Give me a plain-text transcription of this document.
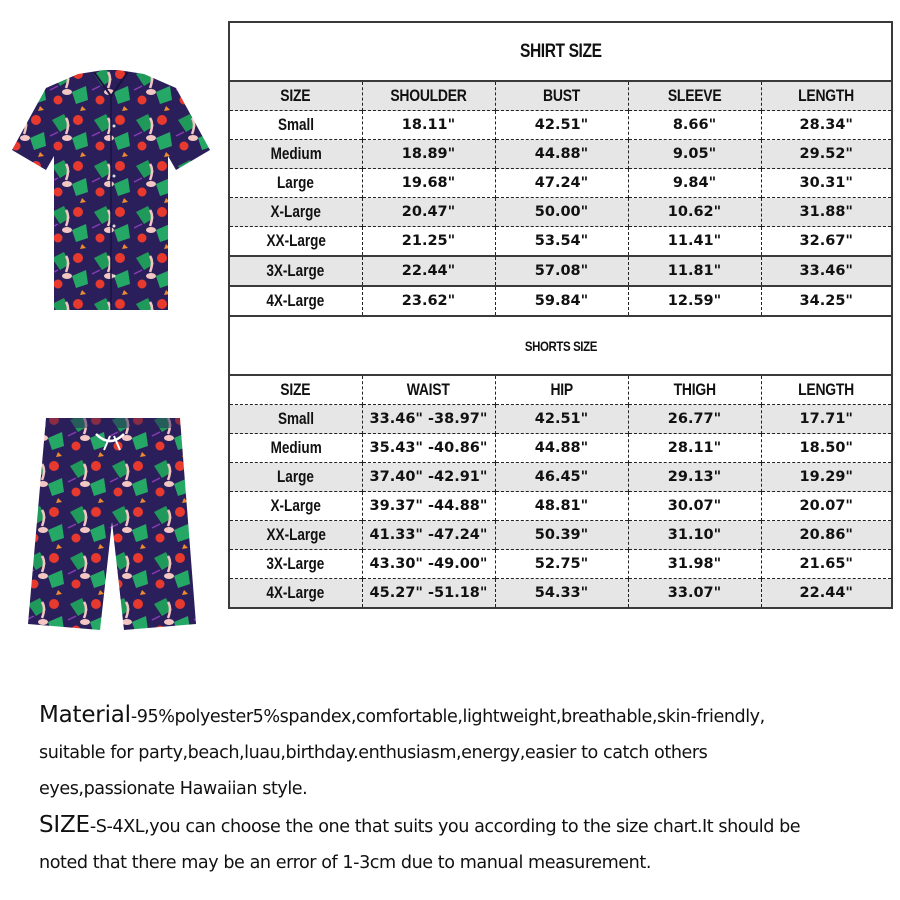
SHIRT SIZE				
SIZE	SHOULDER	BUST	SLEEVE	LENGTH
Small	18.11"	42.51"	8.66"	28.34"
Medium	18.89"	44.88"	9.05"	29.52"
Large	19.68"	47.24"	9.84"	30.31"
X-Large	20.47"	50.00"	10.62"	31.88"
XX-Large	21.25"	53.54"	11.41"	32.67"
3X-Large	22.44"	57.08"	11.81"	33.46"
4X-Large	23.62"	59.84"	12.59"	34.25"
SHORTS SIZE				
SIZE	WAIST	HIP	THIGH	LENGTH
Small	33.46" -38.97"	42.51"	26.77"	17.71"
Medium	35.43" -40.86"	44.88"	28.11"	18.50"
Large	37.40" -42.91"	46.45"	29.13"	19.29"
X-Large	39.37" -44.88"	48.81"	30.07"	20.07"
XX-Large	41.33" -47.24"	50.39"	31.10"	20.86"
3X-Large	43.30" -49.00"	52.75"	31.98"	21.65"
4X-Large	45.27" -51.18"	54.33"	33.07"	22.44"

Material-95%polyester5%spandex,comfortable,lightweight,breathable,skin-friendly,

suitable for party,beach,luau,birthday.enthusiasm,energy,easier to catch others

eyes,passionate Hawaiian style.

SIZE-S-4XL,you can choose the one that suits you according to the size chart.It should be

noted that there may be an error of 1-3cm due to manual measurement.
